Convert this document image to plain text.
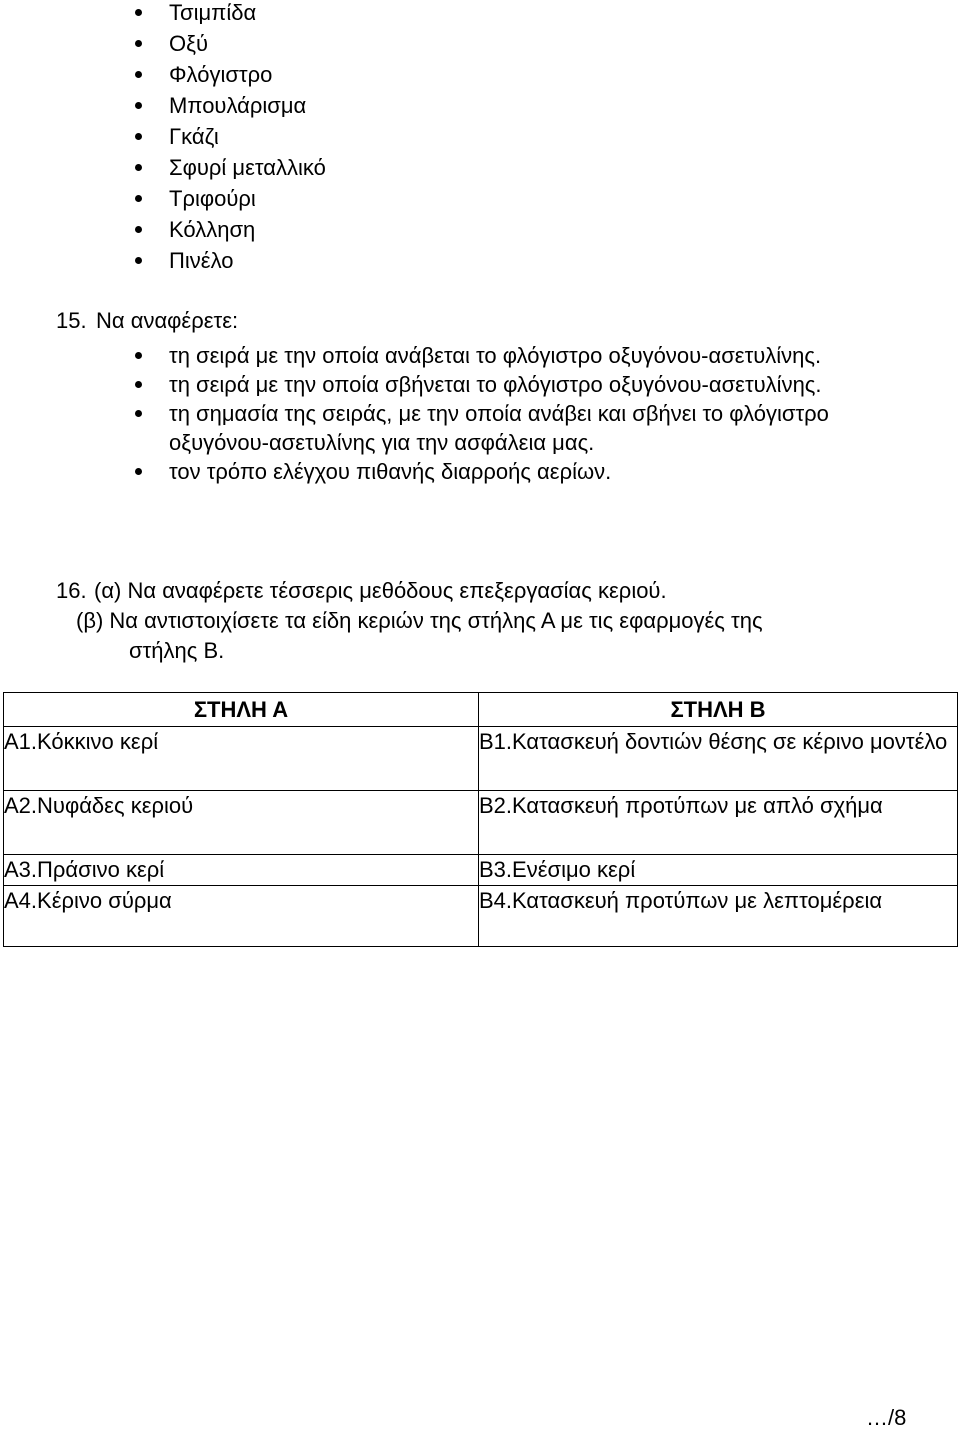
Τσιμπίδα
Οξύ
Φλόγιστρο
Μπουλάρισμα
Γκάζι
Σφυρί μεταλλικό
Τριφούρι
Κόλληση
Πινέλο
15. Να αναφέρετε:
τη σειρά με την οποία ανάβεται το φλόγιστρο οξυγόνου-ασετυλίνης.
τη σειρά με την οποία σβήνεται το φλόγιστρο οξυγόνου-ασετυλίνης.
τη σημασία της σειράς, με την οποία ανάβει και σβήνει το φλόγιστρο οξυγόνου-ασετυλίνης για την ασφάλεια μας.
τον τρόπο ελέγχου πιθανής διαρροής αερίων.
16. (α) Να αναφέρετε τέσσερις μεθόδους επεξεργασίας κεριού.
(β) Να αντιστοιχίσετε τα είδη κεριών της στήλης Α με τις εφαρμογές της
στήλης Β.
ΣΤΗΛΗ Α	ΣΤΗΛΗ Β
Α1.Κόκκινο κερί	Β1.Κατασκευή δοντιών θέσης σε κέρινο μοντέλο

Α2.Νυφάδες κεριού	Β2.Κατασκευή προτύπων με απλό σχήμα

Α3.Πράσινο κερί	Β3.Ενέσιμο κερί

Α4.Κέρινο σύρμα	Β4.Κατασκευή προτύπων με λεπτομέρεια
…/8
